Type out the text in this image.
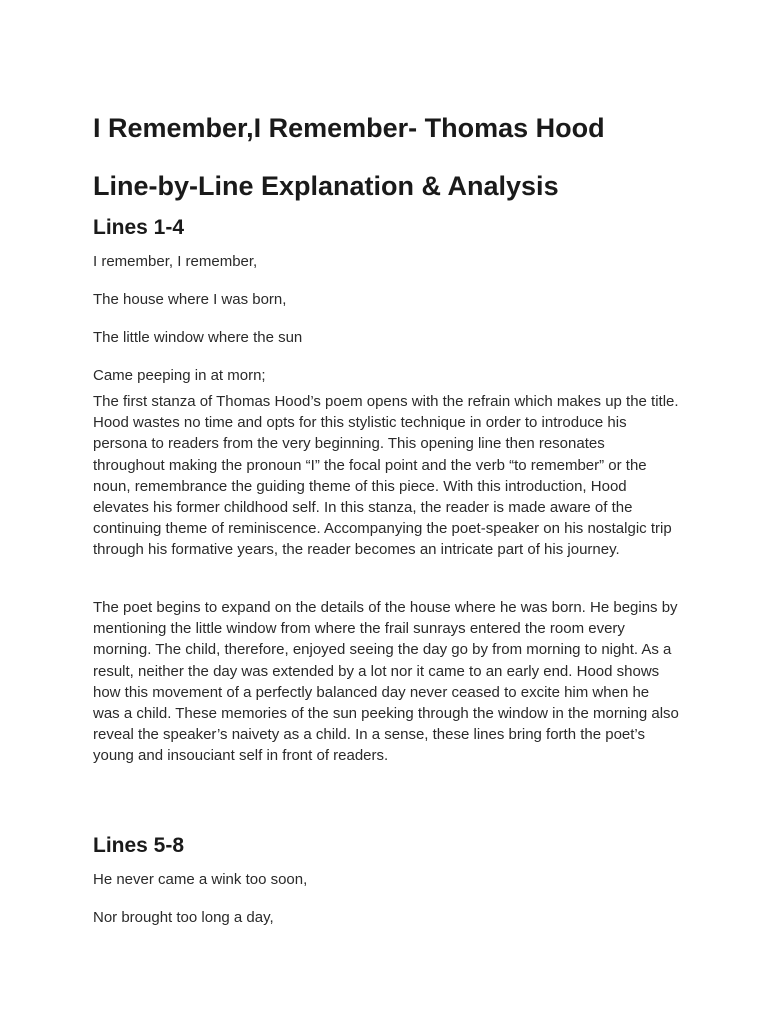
I Remember,I Remember- Thomas Hood
Line-by-Line Explanation & Analysis
Lines 1-4

I remember, I remember,

The house where I was born,

The little window where the sun

Came peeping in at morn;

The first stanza of Thomas Hood’s poem opens with the refrain which makes up the title. Hood wastes no time and opts for this stylistic technique in order to introduce his persona to readers from the very beginning. This opening line then resonates throughout making the pronoun “I” the focal point and the verb “to remember” or the noun, remembrance the guiding theme of this piece. With this introduction, Hood elevates his former childhood self. In this stanza, the reader is made aware of the continuing theme of reminiscence. Accompanying the poet-speaker on his nostalgic trip through his formative years, the reader becomes an intricate part of his journey.

The poet begins to expand on the details of the house where he was born. He begins by mentioning the little window from where the frail sunrays entered the room every morning. The child, therefore, enjoyed seeing the day go by from morning to night. As a result, neither the day was extended by a lot nor it came to an early end. Hood shows how this movement of a perfectly balanced day never ceased to excite him when he was a child. These memories of the sun peeking through the window in the morning also reveal the speaker’s naivety as a child. In a sense, these lines bring forth the poet’s young and insouciant self in front of readers.

Lines 5-8

He never came a wink too soon,

Nor brought too long a day,
